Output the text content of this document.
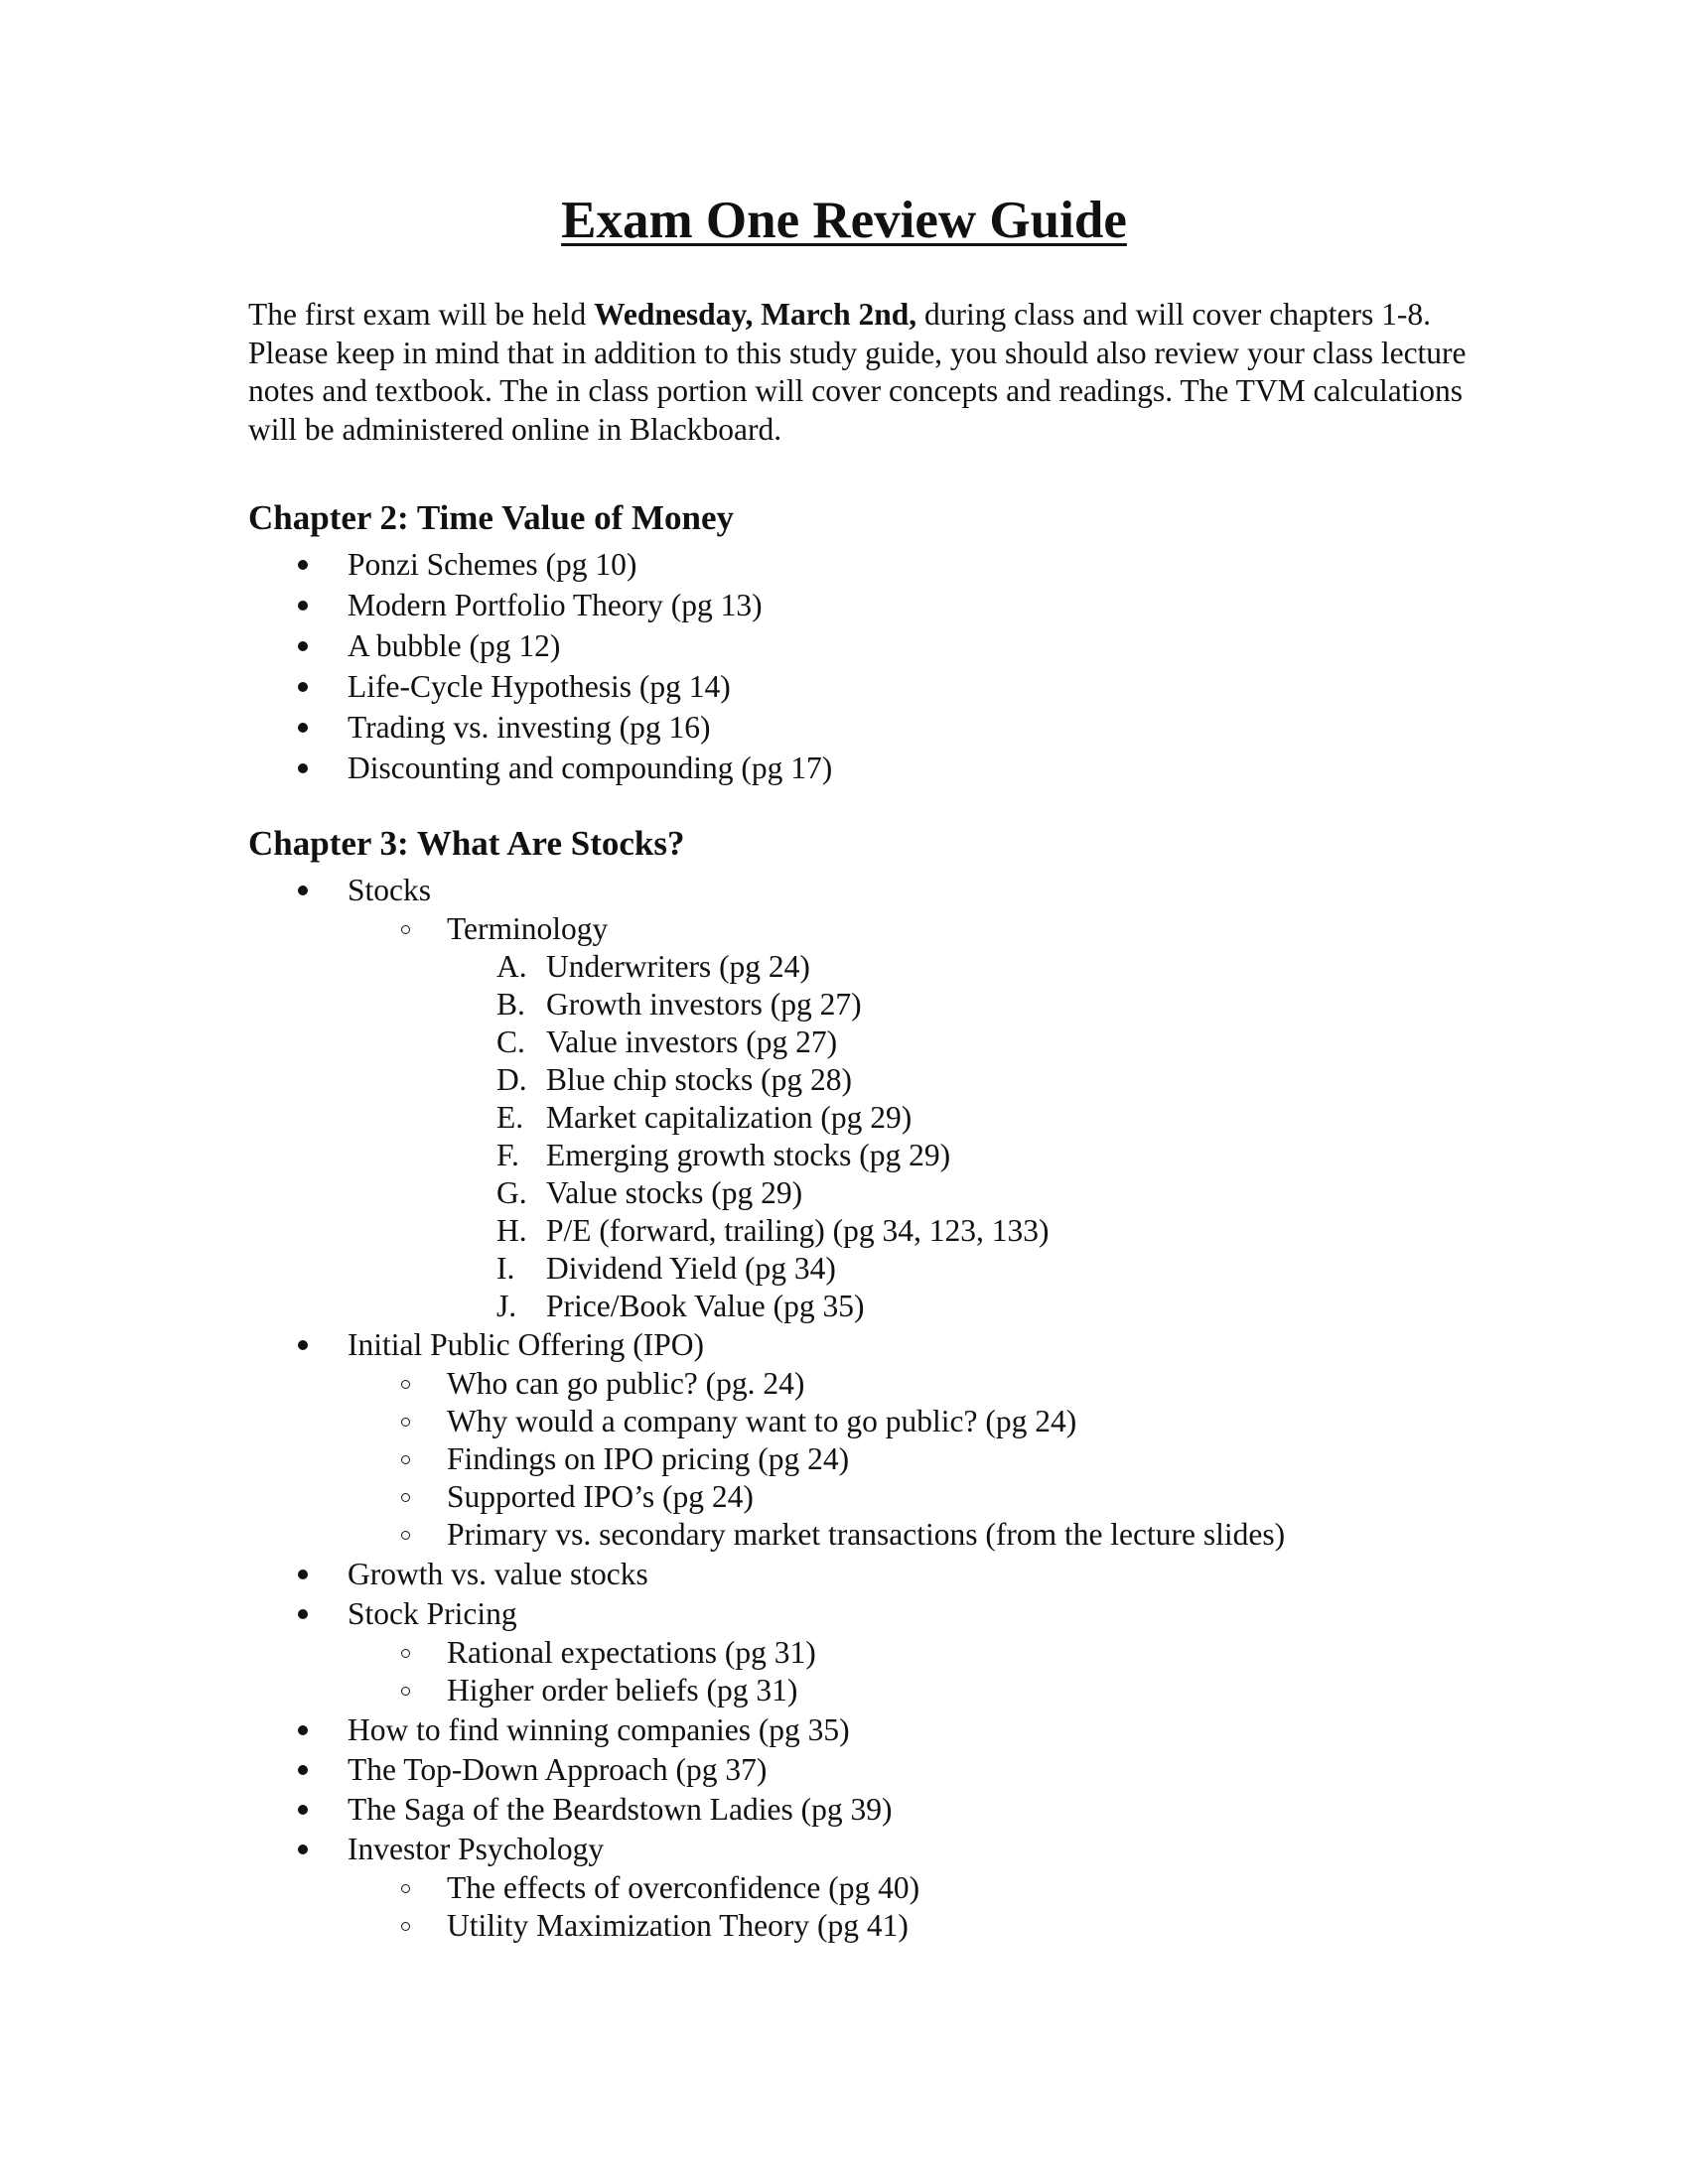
Exam One Review Guide

The first exam will be held Wednesday, March 2nd, during class and will cover chapters 1-8. Please keep in mind that in addition to this study guide, you should also review your class lecture notes and textbook. The in class portion will cover concepts and readings. The TVM calculations will be administered online in Blackboard.

Chapter 2: Time Value of Money
Ponzi Schemes (pg 10)
Modern Portfolio Theory (pg 13)
A bubble (pg 12)
Life-Cycle Hypothesis (pg 14)
Trading vs. investing (pg 16)
Discounting and compounding (pg 17)
Chapter 3: What Are Stocks?
Stocks
Terminology
A. Underwriters (pg 24)
B. Growth investors (pg 27)
C. Value investors (pg 27)
D. Blue chip stocks (pg 28)
E. Market capitalization (pg 29)
F. Emerging growth stocks (pg 29)
G. Value stocks (pg 29)
H. P/E (forward, trailing) (pg 34, 123, 133)
I. Dividend Yield (pg 34)
J. Price/Book Value (pg 35)
Initial Public Offering (IPO)
Who can go public? (pg. 24)
Why would a company want to go public? (pg 24)
Findings on IPO pricing (pg 24)
Supported IPO’s (pg 24)
Primary vs. secondary market transactions (from the lecture slides)
Growth vs. value stocks
Stock Pricing
Rational expectations (pg 31)
Higher order beliefs (pg 31)
How to find winning companies (pg 35)
The Top-Down Approach (pg 37)
The Saga of the Beardstown Ladies (pg 39)
Investor Psychology
The effects of overconfidence (pg 40)
Utility Maximization Theory (pg 41)
